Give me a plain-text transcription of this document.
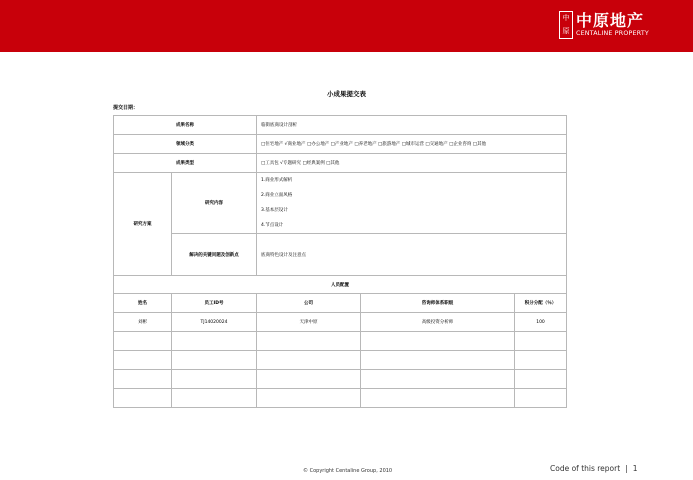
中
原
中原地产
CENTALINE PROPERTY
小成果提交表
提交日期：
成果名称		临街底商设计剖析		
领域分类		□住宅地产 √商业地产 □办公地产 □产业地产 □养老地产 □旅游地产 □城市运营 □交通地产 □企业咨询 □其他		
成果类型		□工具包 √专题研究 □经典案例 □其他		
研究方案	研究内容	1.商业形式解析
2.商业立面风格
3.基本层设计
4.节点设计		

	解决的关键问题及创新点	底商特色设计及注意点		
人员配置				
姓名	员工ID号	公司	咨询师体系职级	积分分配（％）
刘彬	TJ14020024	天津中原	高级投资分析师	100

© Copyright Centaline Group, 2010	Code of this report | 1
